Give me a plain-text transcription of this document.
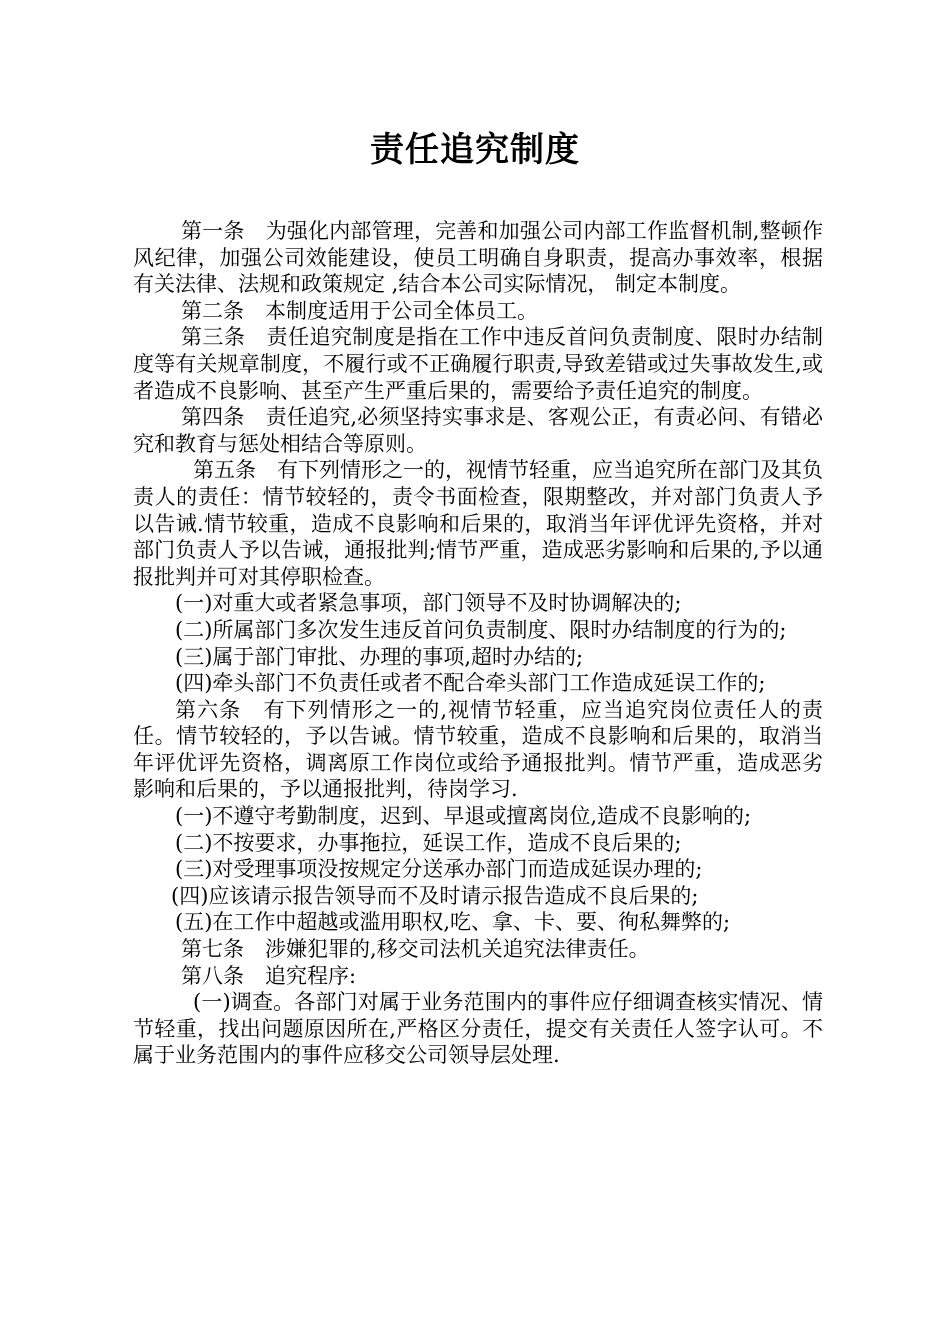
责任追究制度

第一条　为强化内部管理，完善和加强公司内部工作监督机制,整顿作风纪律，加强公司效能建设，使员工明确自身职责，提高办事效率，根据有关法律、法规和政策规定 ,结合本公司实际情况， 制定本制度。

第二条　本制度适用于公司全体员工。

第三条　责任追究制度是指在工作中违反首问负责制度、限时办结制度等有关规章制度，不履行或不正确履行职责,导致差错或过失事故发生,或者造成不良影响、甚至产生严重后果的，需要给予责任追究的制度。

第四条　责任追究,必须坚持实事求是、客观公正，有责必问、有错必究和教育与惩处相结合等原则。

第五条　有下列情形之一的，视情节轻重，应当追究所在部门及其负责人的责任：情节较轻的，责令书面检查，限期整改，并对部门负责人予以告诫.情节较重，造成不良影响和后果的，取消当年评优评先资格，并对部门负责人予以告诫，通报批判;情节严重，造成恶劣影响和后果的,予以通报批判并可对其停职检查。

(一)对重大或者紧急事项，部门领导不及时协调解决的;

(二)所属部门多次发生违反首问负责制度、限时办结制度的行为的;

(三)属于部门审批、办理的事项,超时办结的;

(四)牵头部门不负责任或者不配合牵头部门工作造成延误工作的;

第六条　有下列情形之一的,视情节轻重，应当追究岗位责任人的责任。情节较轻的，予以告诫。情节较重，造成不良影响和后果的，取消当年评优评先资格，调离原工作岗位或给予通报批判。情节严重，造成恶劣影响和后果的，予以通报批判，待岗学习.

(一)不遵守考勤制度，迟到、早退或擅离岗位,造成不良影响的;

(二)不按要求，办事拖拉，延误工作，造成不良后果的;

(三)对受理事项没按规定分送承办部门而造成延误办理的;

(四)应该请示报告领导而不及时请示报告造成不良后果的;

(五)在工作中超越或滥用职权,吃、拿、卡、要、徇私舞弊的;

第七条　涉嫌犯罪的,移交司法机关追究法律责任。

第八条　追究程序:

(一)调查。各部门对属于业务范围内的事件应仔细调查核实情况、情节轻重，找出问题原因所在,严格区分责任，提交有关责任人签字认可。不属于业务范围内的事件应移交公司领导层处理.
